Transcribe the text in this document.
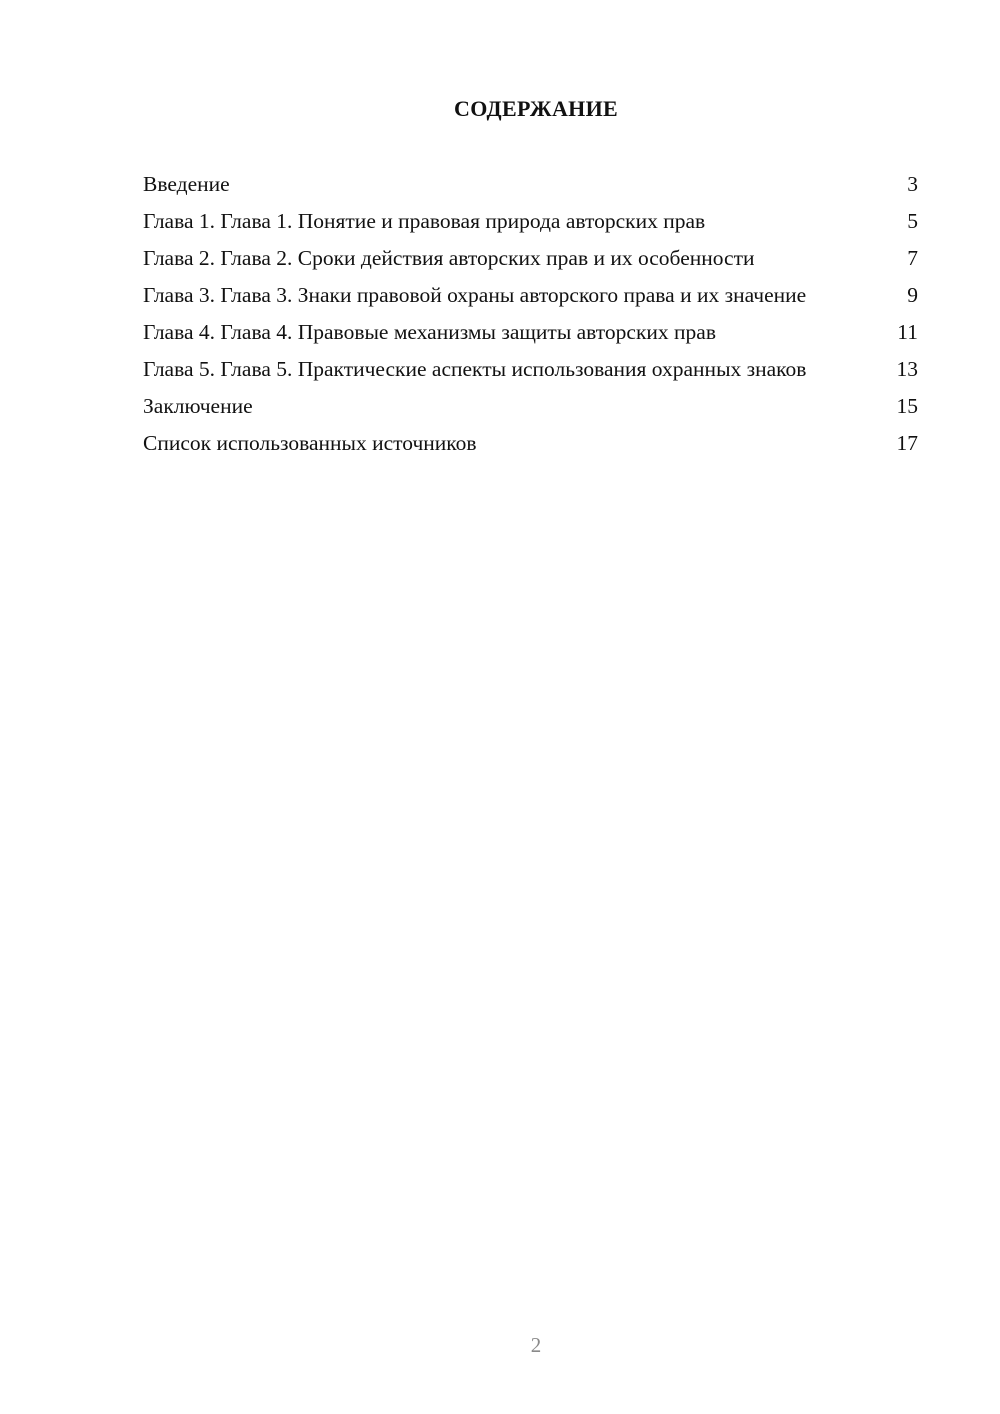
СОДЕРЖАНИЕ
Введение	3
Глава 1. Глава 1. Понятие и правовая природа авторских прав	5
Глава 2. Глава 2. Сроки действия авторских прав и их особенности	7
Глава 3. Глава 3. Знаки правовой охраны авторского права и их значение	9
Глава 4. Глава 4. Правовые механизмы защиты авторских прав	11
Глава 5. Глава 5. Практические аспекты использования охранных знаков	13
Заключение	15
Список использованных источников	17
2
